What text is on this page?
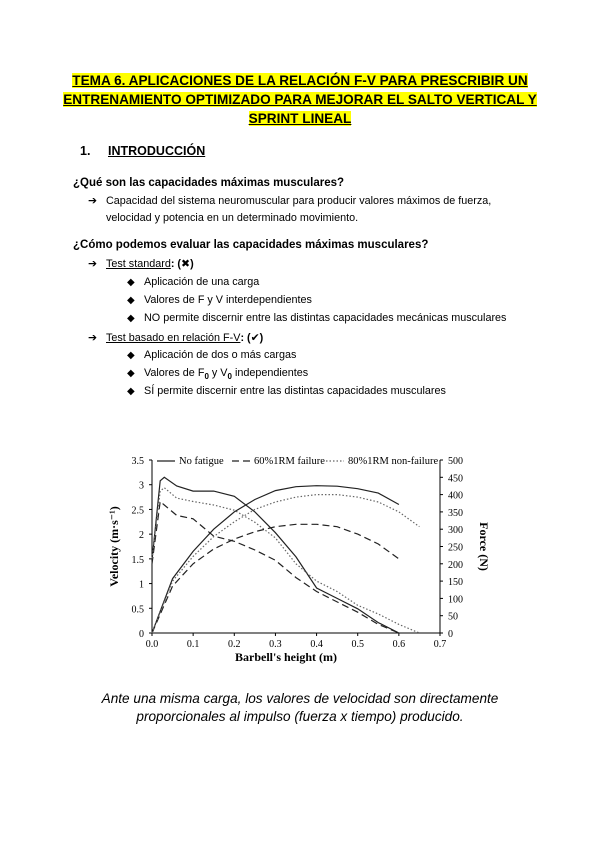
TEMA 6. APLICACIONES DE LA RELACIÓN F-V PARA PRESCRIBIR UN ENTRENAMIENTO OPTIMIZADO PARA MEJORAR EL SALTO VERTICAL Y SPRINT LINEAL
1. INTRODUCCIÓN
¿Qué son las capacidades máximas musculares?
➔ Capacidad del sistema neuromuscular para producir valores máximos de fuerza,
velocidad y potencia en un determinado movimiento.
¿Cómo podemos evaluar las capacidades máximas musculares?
➔ Test standard: (✖)
◆ Aplicación de una carga
◆ Valores de F y V interdependientes
◆ NO permite discernir entre las distintas capacidades mecánicas musculares
➔ Test basado en relación F-V: (✔)
◆ Aplicación de dos o más cargas
◆ Valores de $F_0$ y $V_0$ independientes
◆ SÍ permite discernir entre las distintas capacidades musculares
0.0	0.1	0.2	0.3	0.4	0.5	0.6	0.7
0
0.5
1
1.5
2
2.5
3
3.5
0
50
100
150
200
250
300
350
400
450
500
Barbell's height (m)
Velocity (m·s⁻¹)	Force (N)
No fatigue	60%1RM failure 80%1RM non-failure
Ante una misma carga, los valores de velocidad son directamente
proporcionales al impulso (fuerza x tiempo) producido.
